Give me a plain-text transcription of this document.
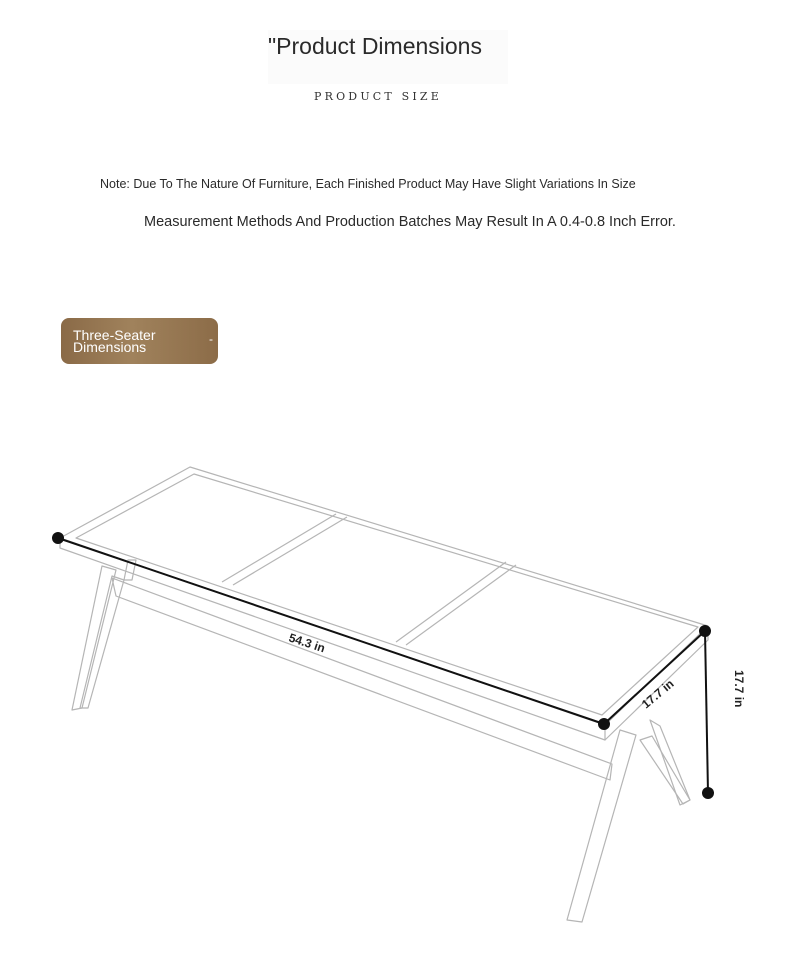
"Product Dimensions
PRODUCT SIZE
Note: Due To The Nature Of Furniture, Each Finished Product May Have Slight Variations In Size
Measurement Methods And Production Batches May Result In A 0.4-0.8 Inch Error.
Three-Seater Dimensions	-
54.3 in
17.7 in	17.7 in
